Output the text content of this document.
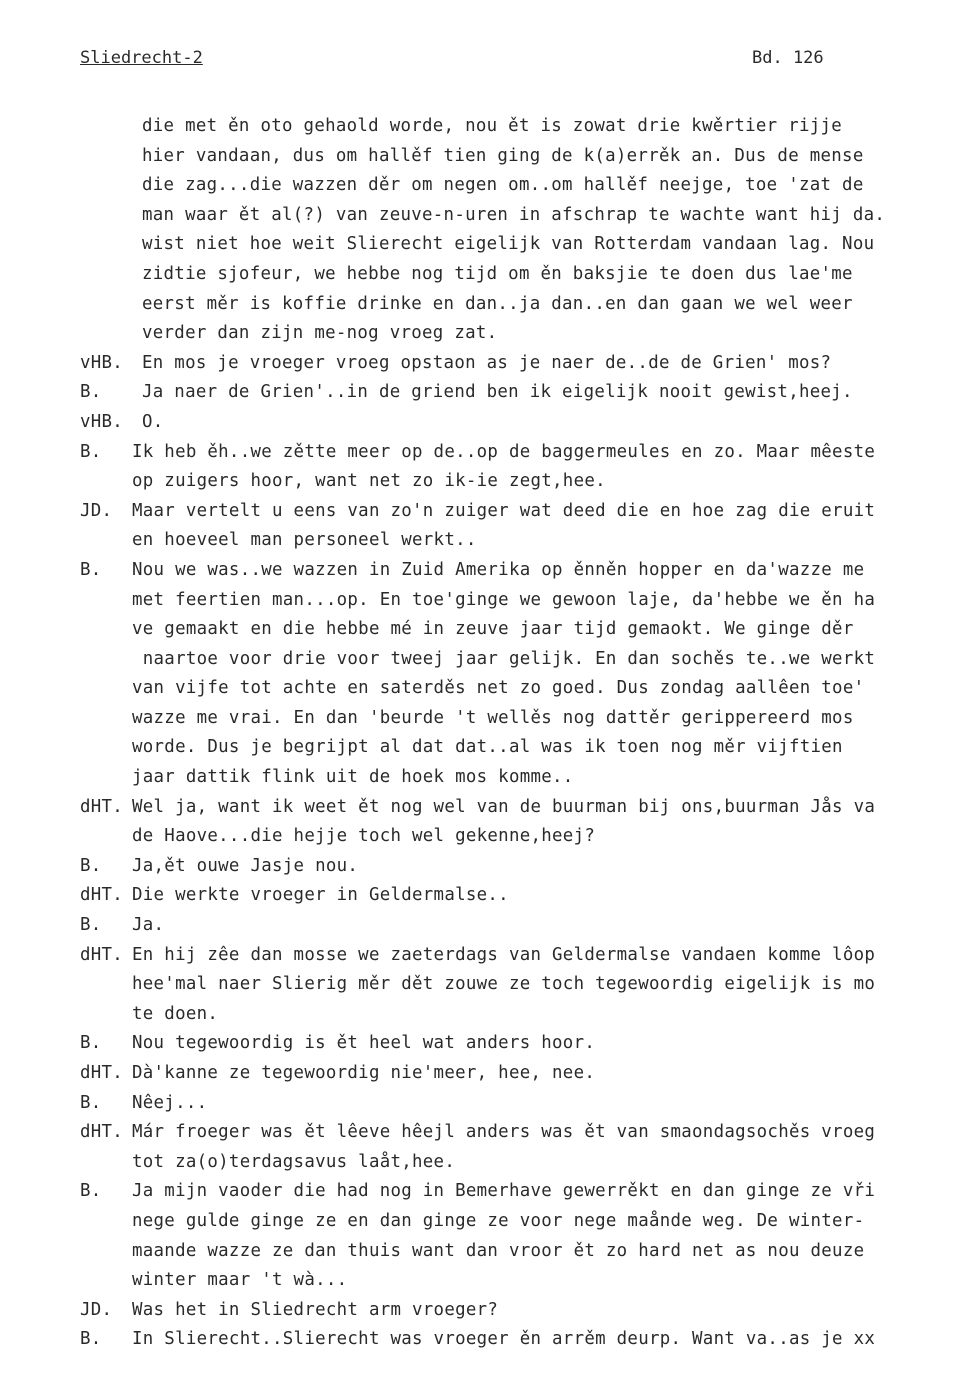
Sliedrecht-2	Bd. 126
die met ěn oto gehaold worde, nou ět is zowat drie kwěrtier rijje
hier vandaan, dus om hallěf tien ging de k(a)errěk an. Dus de mense
die zag...die wazzen děr om negen om..om hallěf neejge, toe 'zat de
man waar ět al(?) van zeuve-n-uren in afschrap te wachte want hij da.
wist niet hoe weit Slierecht eigelijk van Rotterdam vandaan lag. Nou
zidtie sjofeur, we hebbe nog tijd om ěn baksjie te doen dus lae'me
eerst měr is koffie drinke en dan..ja dan..en dan gaan we wel weer
verder dan zijn me-nog vroeg zat.
vHB. En mos je vroeger vroeg opstaon as je naer de..de de Grien' mos?
B. Ja naer de Grien'..in de griend ben ik eigelijk nooit gewist,heej.
vHB. O.
B. Ik heb ěh..we zětte meer op de..op de baggermeules en zo. Maar mêeste
op zuigers hoor, want net zo ik-ie zegt,hee.
JD. Maar vertelt u eens van zo'n zuiger wat deed die en hoe zag die eruit
en hoeveel man personeel werkt..
B. Nou we was..we wazzen in Zuid Amerika op ěnněn hopper en da'wazze me
met feertien man...op. En toe'ginge we gewoon laje, da'hebbe we ěn ha
ve gemaakt en die hebbe mé in zeuve jaar tijd gemaokt. We ginge děr
naartoe voor drie voor tweej jaar gelijk. En dan sochěs te..we werkt
van vijfe tot achte en saterděs net zo goed. Dus zondag aallêen toe'
wazze me vrai. En dan 'beurde 't wellěs nog dattěr gerippereerd mos
worde. Dus je begrijpt al dat dat..al was ik toen nog měr vijftien
jaar dattik flink uit de hoek mos komme..
dHT. Wel ja, want ik weet ět nog wel van de buurman bij ons,buurman Jås va
de Haove...die hejje toch wel gekenne,heej?
B. Ja,ět ouwe Jasje nou.
dHT. Die werkte vroeger in Geldermalse..
B. Ja.
dHT. En hij zêe dan mosse we zaeterdags van Geldermalse vandaen komme lôop
hee'mal naer Slierig měr dět zouwe ze toch tegewoordig eigelijk is mo
te doen.
B. Nou tegewoordig is ět heel wat anders hoor.
dHT. Dà'kanne ze tegewoordig nie'meer, hee, nee.
B. Nêej...
dHT. Már froeger was ět lêeve hêejl anders was ět van smaondagsochěs vroeg
tot za(o)terdagsavus laåt,hee.
B. Ja mijn vaoder die had nog in Bemerhave gewerrěkt en dan ginge ze vři
nege gulde ginge ze en dan ginge ze voor nege maånde weg. De winter-
maande wazze ze dan thuis want dan vroor ět zo hard net as nou deuze
winter maar 't wà...
JD. Was het in Sliedrecht arm vroeger?
B. In Slierecht..Slierecht was vroeger ěn arrěm deurp. Want va..as je xx
